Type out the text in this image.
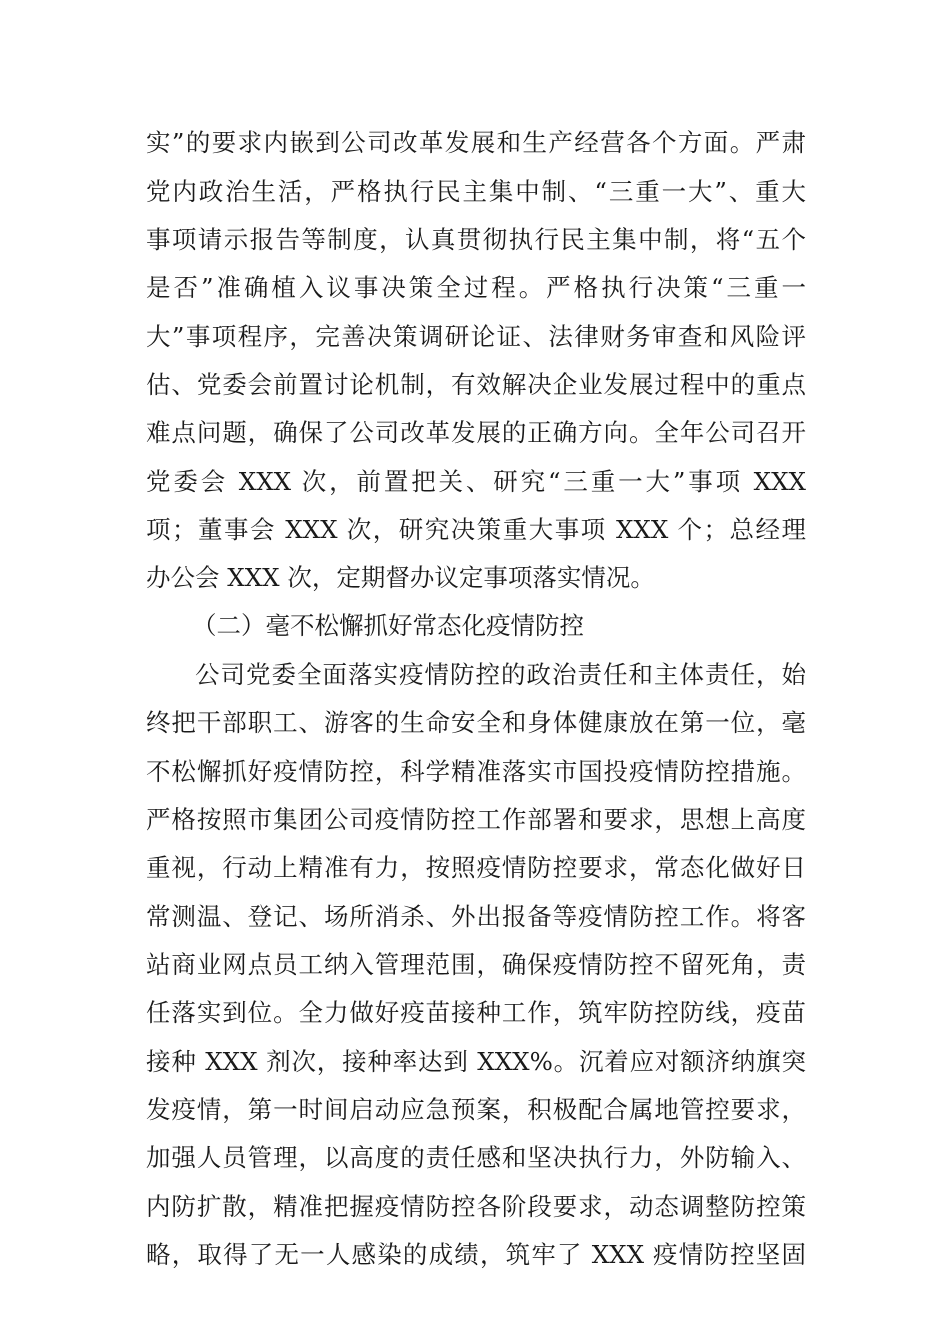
实”的要求内嵌到公司改革发展和生产经营各个方面。严肃
党内政治生活，严格执行民主集中制、“三重一大”、重大
事项请示报告等制度，认真贯彻执行民主集中制，将“五个
是否”准确植入议事决策全过程。严格执行决策“三重一
大”事项程序，完善决策调研论证、法律财务审查和风险评
估、党委会前置讨论机制，有效解决企业发展过程中的重点
难点问题，确保了公司改革发展的正确方向。全年公司召开
党委会 XXX 次，前置把关、研究“三重一大”事项 XXX
项；董事会 XXX 次，研究决策重大事项 XXX 个；总经理
办公会 XXX 次，定期督办议定事项落实情况。
（二）毫不松懈抓好常态化疫情防控
公司党委全面落实疫情防控的政治责任和主体责任，始
终把干部职工、游客的生命安全和身体健康放在第一位，毫
不松懈抓好疫情防控，科学精准落实市国投疫情防控措施。
严格按照市集团公司疫情防控工作部署和要求，思想上高度
重视，行动上精准有力，按照疫情防控要求，常态化做好日
常测温、登记、场所消杀、外出报备等疫情防控工作。将客
站商业网点员工纳入管理范围，确保疫情防控不留死角，责
任落实到位。全力做好疫苗接种工作，筑牢防控防线，疫苗
接种 XXX 剂次，接种率达到 XXX%。沉着应对额济纳旗突
发疫情，第一时间启动应急预案，积极配合属地管控要求，
加强人员管理，以高度的责任感和坚决执行力，外防输入、
内防扩散，精准把握疫情防控各阶段要求，动态调整防控策
略，取得了无一人感染的成绩，筑牢了 XXX 疫情防控坚固
